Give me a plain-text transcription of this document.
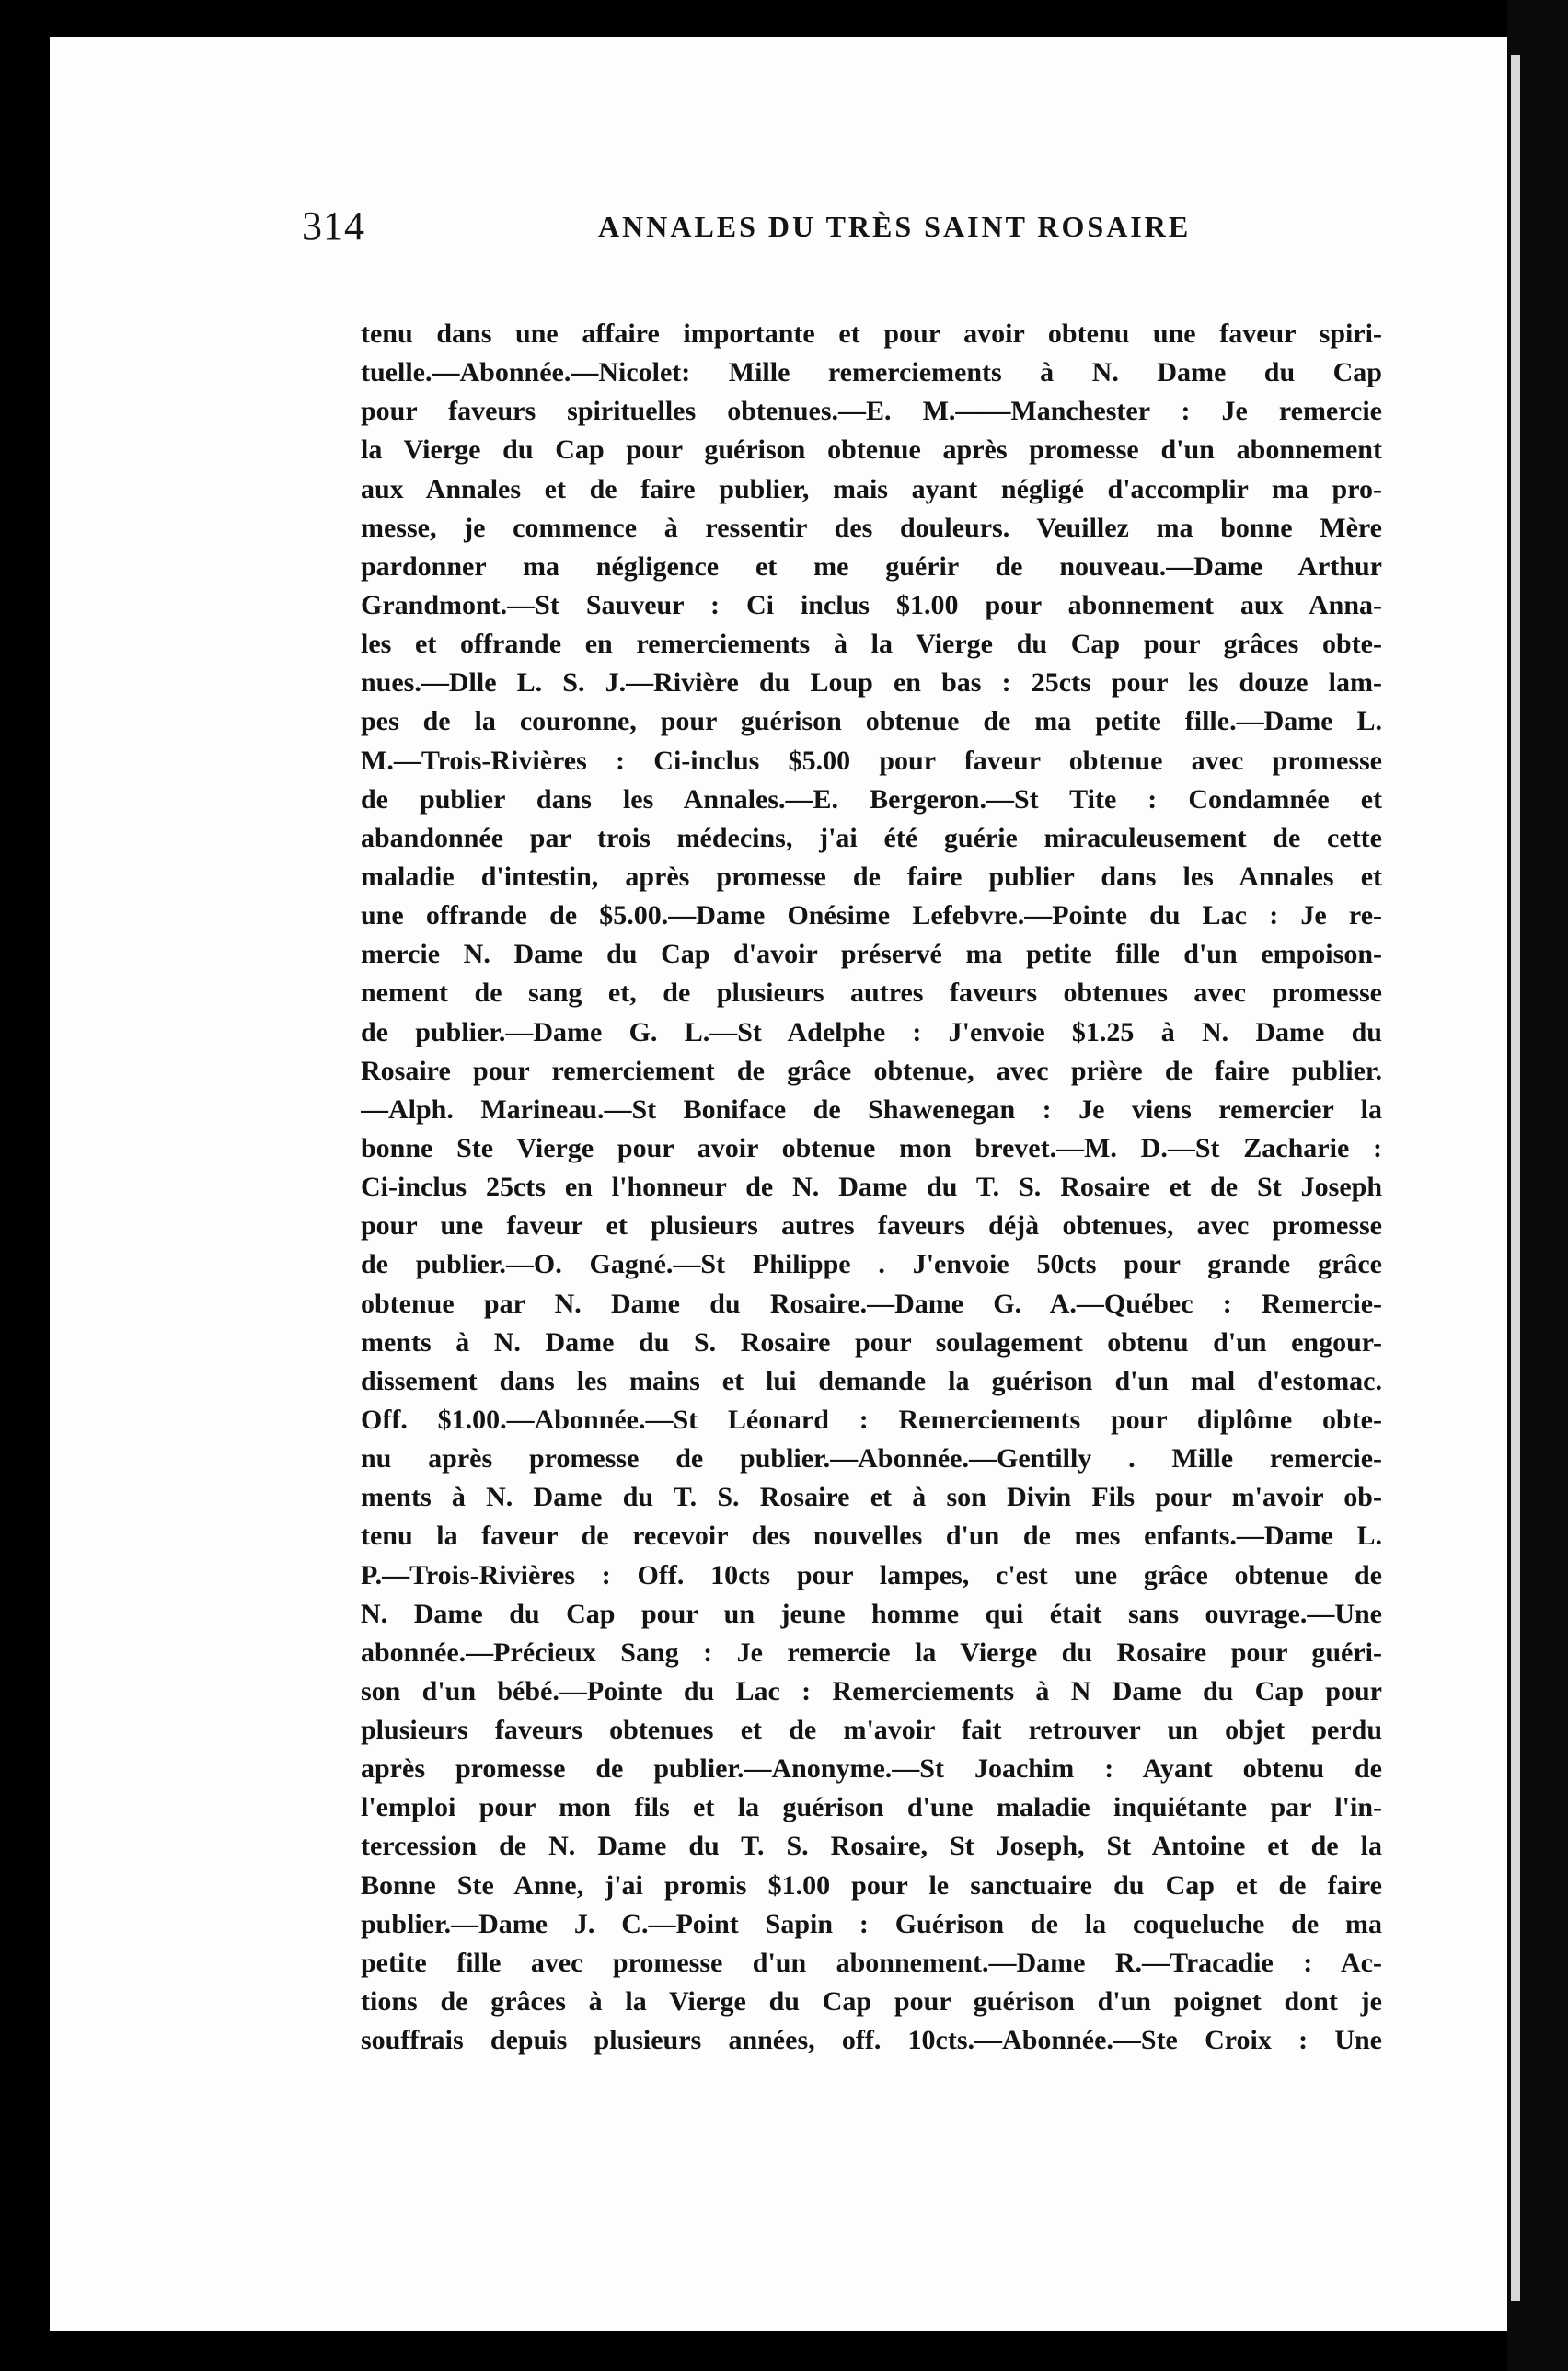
314	ANNALES DU TRÈS SAINT ROSAIRE
tenu dans une affaire importante et pour avoir obtenu une faveur spiri-
tuelle.—Abonnée.—Nicolet: Mille remerciements à N. Dame du Cap
pour faveurs spirituelles obtenues.—E. M.——Manchester : Je remercie
la Vierge du Cap pour guérison obtenue après promesse d'un abonnement
aux Annales et de faire publier, mais ayant négligé d'accomplir ma pro-
messe, je commence à ressentir des douleurs. Veuillez ma bonne Mère
pardonner ma négligence et me guérir de nouveau.—Dame Arthur
Grandmont.—St Sauveur : Ci inclus $1.00 pour abonnement aux Anna-
les et offrande en remerciements à la Vierge du Cap pour grâces obte-
nues.—Dlle L. S. J.—Rivière du Loup en bas : 25cts pour les douze lam-
pes de la couronne, pour guérison obtenue de ma petite fille.—Dame L.
M.—Trois-Rivières : Ci-inclus $5.00 pour faveur obtenue avec promesse
de publier dans les Annales.—E. Bergeron.—St Tite : Condamnée et
abandonnée par trois médecins, j'ai été guérie miraculeusement de cette
maladie d'intestin, après promesse de faire publier dans les Annales et
une offrande de $5.00.—Dame Onésime Lefebvre.—Pointe du Lac : Je re-
mercie N. Dame du Cap d'avoir préservé ma petite fille d'un empoison-
nement de sang et, de plusieurs autres faveurs obtenues avec promesse
de publier.—Dame G. L.—St Adelphe : J'envoie $1.25 à N. Dame du
Rosaire pour remerciement de grâce obtenue, avec prière de faire publier.
—Alph. Marineau.—St Boniface de Shawenegan : Je viens remercier la
bonne Ste Vierge pour avoir obtenue mon brevet.—M. D.—St Zacharie :
Ci-inclus 25cts en l'honneur de N. Dame du T. S. Rosaire et de St Joseph
pour une faveur et plusieurs autres faveurs déjà obtenues, avec promesse
de publier.—O. Gagné.—St Philippe . J'envoie 50cts pour grande grâce
obtenue par N. Dame du Rosaire.—Dame G. A.—Québec : Remercie-
ments à N. Dame du S. Rosaire pour soulagement obtenu d'un engour-
dissement dans les mains et lui demande la guérison d'un mal d'estomac.
Off. $1.00.—Abonnée.—St Léonard : Remerciements pour diplôme obte-
nu après promesse de publier.—Abonnée.—Gentilly . Mille remercie-
ments à N. Dame du T. S. Rosaire et à son Divin Fils pour m'avoir ob-
tenu la faveur de recevoir des nouvelles d'un de mes enfants.—Dame L.
P.—Trois-Rivières : Off. 10cts pour lampes, c'est une grâce obtenue de
N. Dame du Cap pour un jeune homme qui était sans ouvrage.—Une
abonnée.—Précieux Sang : Je remercie la Vierge du Rosaire pour guéri-
son d'un bébé.—Pointe du Lac : Remerciements à N Dame du Cap pour
plusieurs faveurs obtenues et de m'avoir fait retrouver un objet perdu
après promesse de publier.—Anonyme.—St Joachim : Ayant obtenu de
l'emploi pour mon fils et la guérison d'une maladie inquiétante par l'in-
tercession de N. Dame du T. S. Rosaire, St Joseph, St Antoine et de la
Bonne Ste Anne, j'ai promis $1.00 pour le sanctuaire du Cap et de faire
publier.—Dame J. C.—Point Sapin : Guérison de la coqueluche de ma
petite fille avec promesse d'un abonnement.—Dame R.—Tracadie : Ac-
tions de grâces à la Vierge du Cap pour guérison d'un poignet dont je
souffrais depuis plusieurs années, off. 10cts.—Abonnée.—Ste Croix : Une
